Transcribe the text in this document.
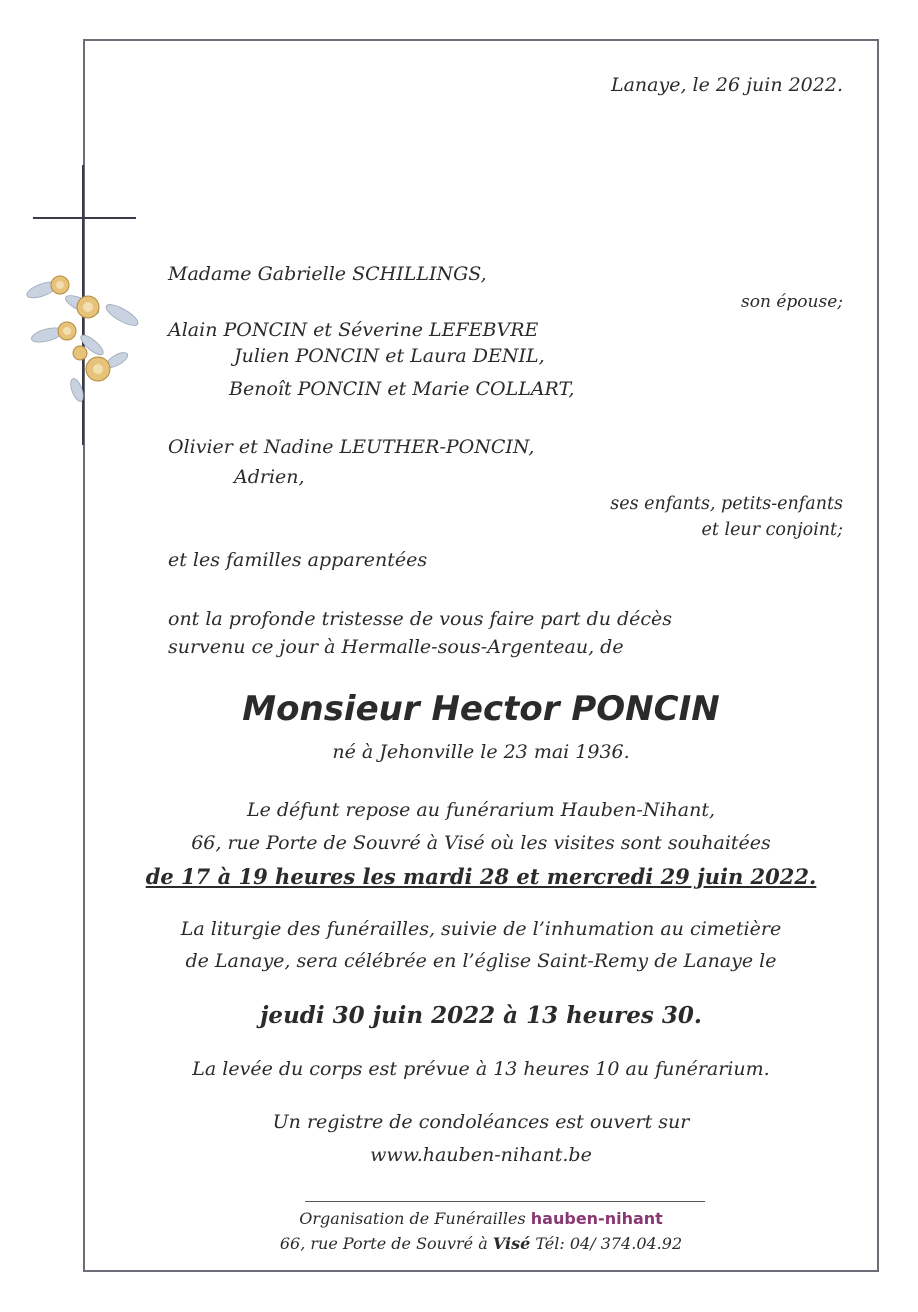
Lanaye, le 26 juin 2022.
Madame Gabrielle SCHILLINGS,
son épouse;
Alain PONCIN et Séverine LEFEBVRE
Julien PONCIN et Laura DENIL,
Benoît PONCIN et Marie COLLART,
Olivier et Nadine LEUTHER-PONCIN,
Adrien,
ses enfants, petits-enfants
et leur conjoint;
et les familles apparentées
ont la profonde tristesse de vous faire part du décès
survenu ce jour à Hermalle-sous-Argenteau, de
Monsieur Hector PONCIN
né à Jehonville le 23 mai 1936.
Le défunt repose au funérarium Hauben-Nihant,
66, rue Porte de Souvré à Visé où les visites sont souhaitées
de 17 à 19 heures les mardi 28 et mercredi 29 juin 2022.
La liturgie des funérailles, suivie de l’inhumation au cimetière
de Lanaye, sera célébrée en l’église Saint-Remy de Lanaye le
jeudi 30 juin 2022 à 13 heures 30.
La levée du corps est prévue à 13 heures 10 au funérarium.
Un registre de condoléances est ouvert sur
www.hauben-nihant.be
Organisation de Funérailles hauben-nihant
66, rue Porte de Souvré à Visé Tél: 04/ 374.04.92
